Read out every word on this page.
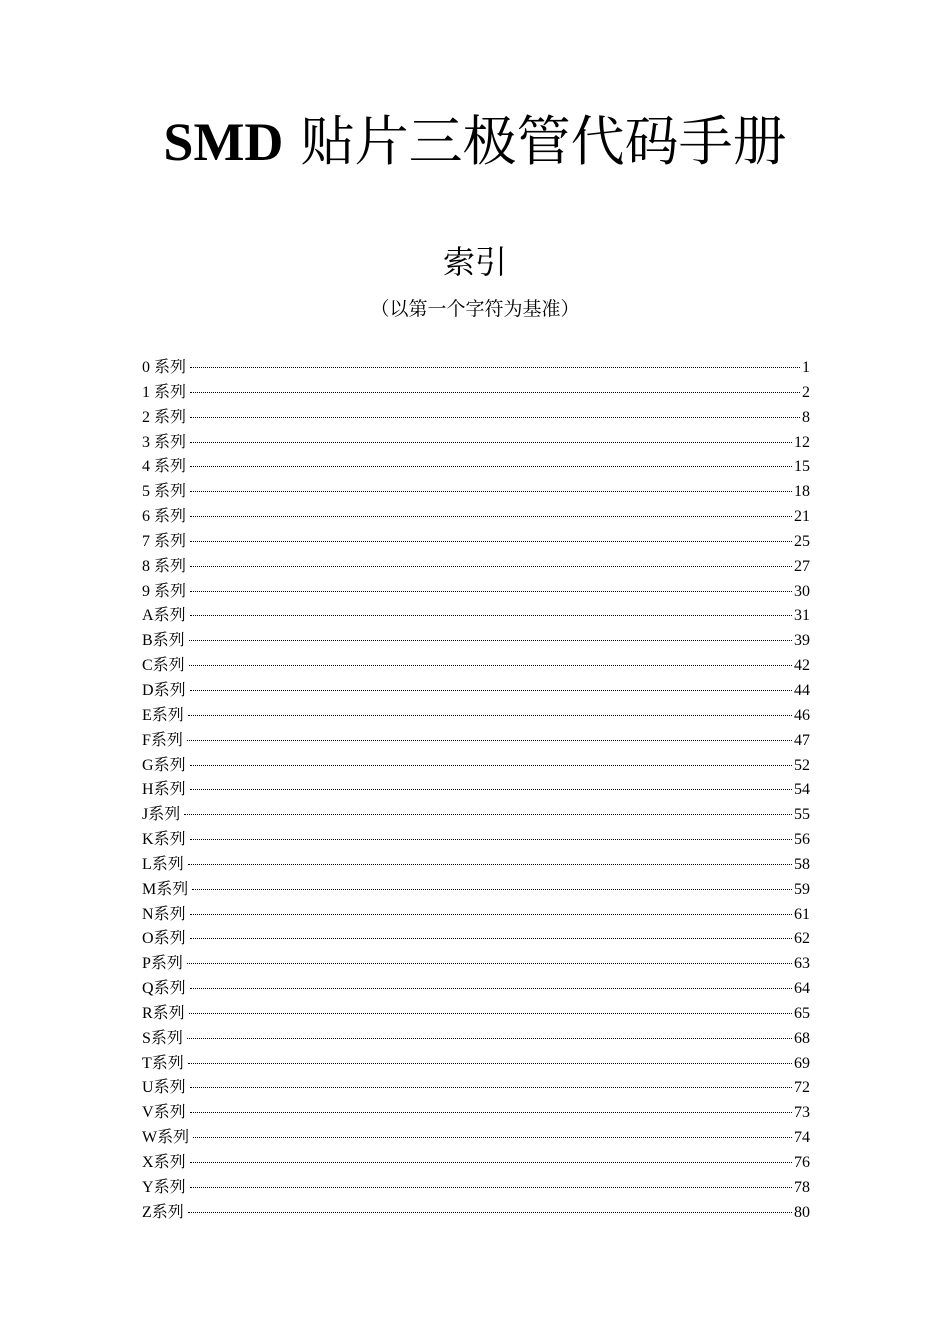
SMD 贴片三极管代码手册
索引
（以第一个字符为基准）
0 系列	1
1 系列	2
2 系列	8
3 系列	12
4 系列	15
5 系列	18
6 系列	21
7 系列	25
8 系列	27
9 系列	30
A系列	31
B系列	39
C系列	42
D系列	44
E系列	46
F系列	47
G系列	52
H系列	54
J系列	55
K系列	56
L系列	58
M系列	59
N系列	61
O系列	62
P系列	63
Q系列	64
R系列	65
S系列	68
T系列	69
U系列	72
V系列	73
W系列	74
X系列	76
Y系列	78
Z系列	80
